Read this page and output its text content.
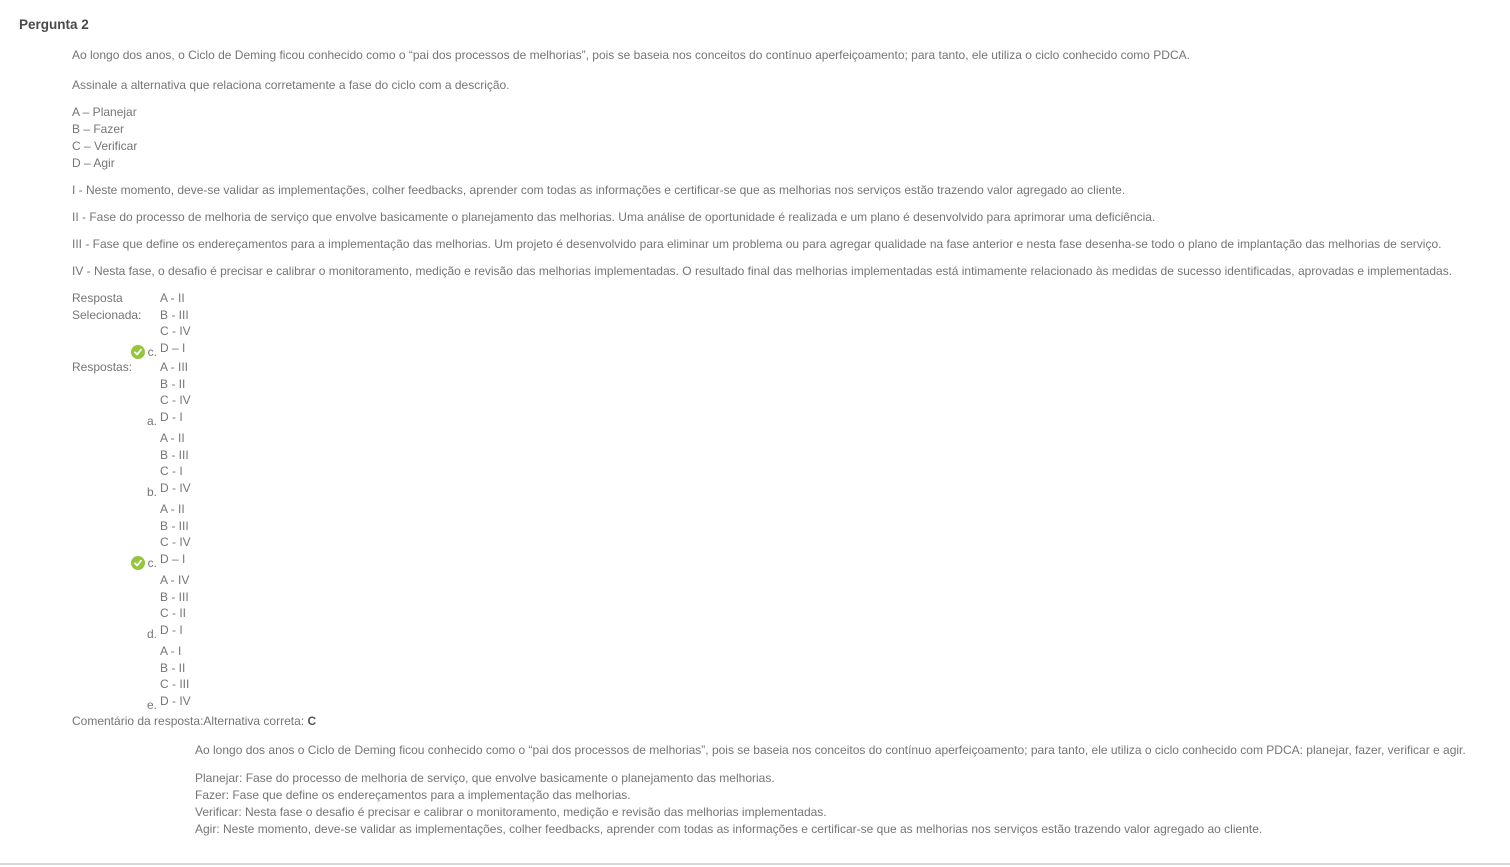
Pergunta 2

Ao longo dos anos, o Ciclo de Deming ficou conhecido como o “pai dos processos de melhorias”, pois se baseia nos conceitos do contínuo aperfeiçoamento; para tanto, ele utiliza o ciclo conhecido como PDCA.

Assinale a alternativa que relaciona corretamente a fase do ciclo com a descrição.

A – Planejar
B – Fazer
C – Verificar
D – Agir

I - Neste momento, deve-se validar as implementações, colher feedbacks, aprender com todas as informações e certificar-se que as melhorias nos serviços estão trazendo valor agregado ao cliente.

II - Fase do processo de melhoria de serviço que envolve basicamente o planejamento das melhorias. Uma análise de oportunidade é realizada e um plano é desenvolvido para aprimorar uma deficiência.

III - Fase que define os endereçamentos para a implementação das melhorias. Um projeto é desenvolvido para eliminar um problema ou para agregar qualidade na fase anterior e nesta fase desenha-se todo o plano de implantação das melhorias de serviço.

IV - Nesta fase, o desafio é precisar e calibrar o monitoramento, medição e revisão das melhorias implementadas. O resultado final das melhorias implementadas está intimamente relacionado às medidas de sucesso identificadas, aprovadas e implementadas.

Resposta Selecionada:
c.
A - II
B - III
C - IV
D – I
Respostas:
a.
A - III
B - II
C - IV
D - I
b.
A - II
B - III
C - I
D - IV
c.
A - II
B - III
C - IV
D – I
d.
A - IV
B - III
C - II
D - I
e.
A - I
B - II
C - III
D - IV
Comentário da resposta:Alternativa correta: C

Ao longo dos anos o Ciclo de Deming ficou conhecido como o “pai dos processos de melhorias”, pois se baseia nos conceitos do contínuo aperfeiçoamento; para tanto, ele utiliza o ciclo conhecido com PDCA: planejar, fazer, verificar e agir.

Planejar: Fase do processo de melhoria de serviço, que envolve basicamente o planejamento das melhorias.
Fazer: Fase que define os endereçamentos para a implementação das melhorias.
Verificar: Nesta fase o desafio é precisar e calibrar o monitoramento, medição e revisão das melhorias implementadas.
Agir: Neste momento, deve-se validar as implementações, colher feedbacks, aprender com todas as informações e certificar-se que as melhorias nos serviços estão trazendo valor agregado ao cliente.
